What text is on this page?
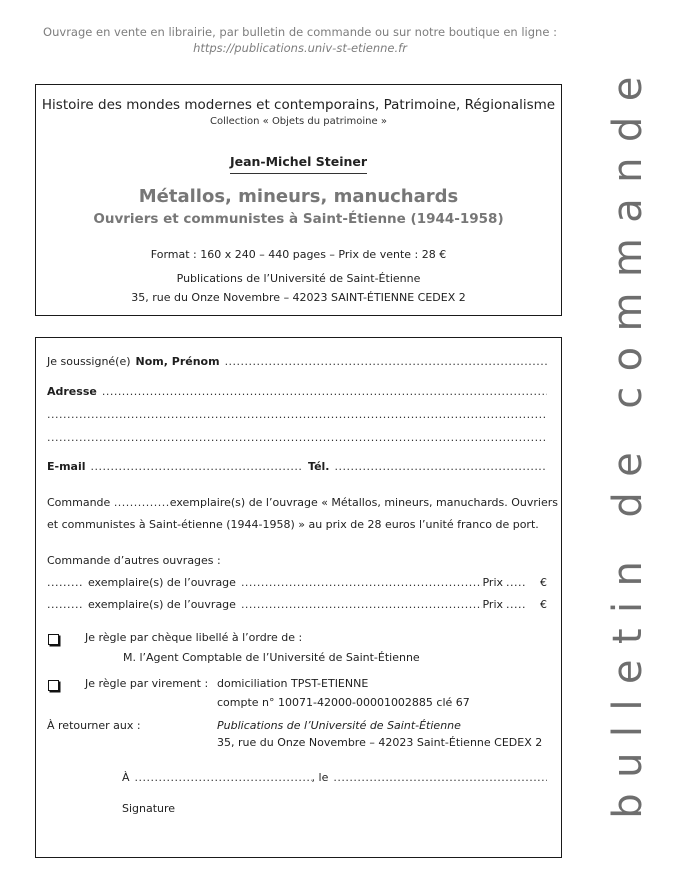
Ouvrage en vente en librairie, par bulletin de commande ou sur notre boutique en ligne :
https://publications.univ-st-etienne.fr
Histoire des mondes modernes et contemporains, Patrimoine, Régionalisme
Collection « Objets du patrimoine »
Jean-Michel Steiner
Métallos, mineurs, manuchards
Ouvriers et communistes à Saint-Étienne (1944-1958)
Format : 160 x 240 – 440 pages – Prix de vente : 28 €
Publications de l’Université de Saint-Étienne
35, rue du Onze Novembre – 42023 SAINT-ÉTIENNE CEDEX 2
Je soussigné(e) Nom, Prénom
.....
Adresse
.....
.....
.....
E-mail .....	Tél.
.....
Commande ..............exemplaire(s) de l’ouvrage « Métallos, mineurs, manuchards. Ouvriers
et communistes à Saint-étienne (1944-1958) » au prix de 28 euros l’unité franco de port.
Commande d’autres ouvrages :
......... exemplaire(s) de l’ouvrage .....	Prix ..... €
......... exemplaire(s) de l’ouvrage .....	Prix ..... €
Je règle par chèque libellé à l’ordre de :
M. l’Agent Comptable de l’Université de Saint-Étienne
Je règle par virement : domiciliation TPST-ETIENNE
compte n° 10071-42000-00001002885 clé 67
À retourner aux :	Publications de l’Université de Saint-Étienne
35, rue du Onze Novembre – 42023 Saint-Étienne CEDEX 2
À .....	, le
.....
Signature	bulletin de commande
